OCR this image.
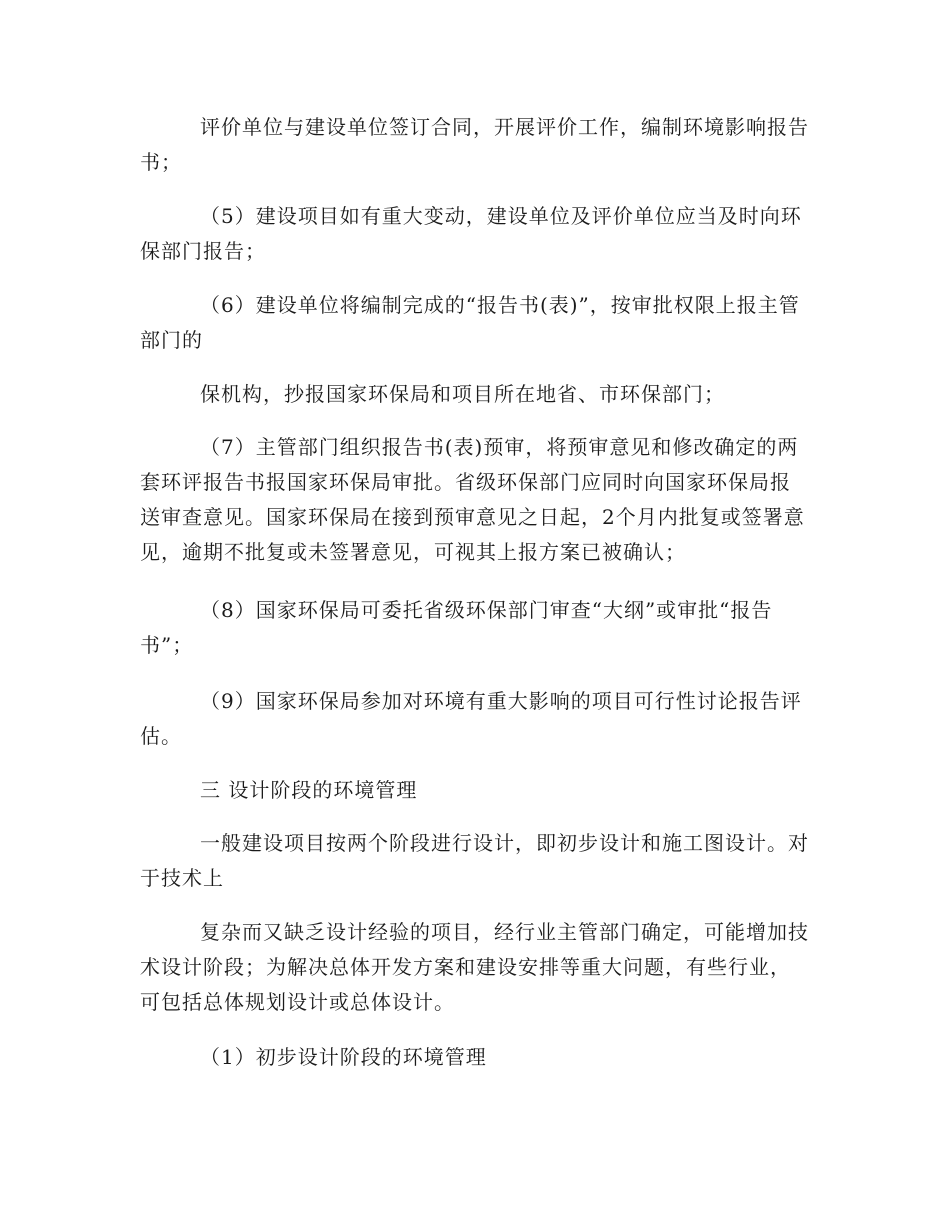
评价单位与建设单位签订合同，开展评价工作，编制环境影响报告书；

（5）建设项目如有重大变动，建设单位及评价单位应当及时向环保部门报告；

（6）建设单位将编制完成的“报告书(表)”，按审批权限上报主管部门的

保机构，抄报国家环保局和项目所在地省、市环保部门；

（7）主管部门组织报告书(表)预审，将预审意见和修改确定的两套环评报告书报国家环保局审批。省级环保部门应同时向国家环保局报送审查意见。国家环保局在接到预审意见之日起，2个月内批复或签署意见，逾期不批复或未签署意见，可视其上报方案已被确认；

（8）国家环保局可委托省级环保部门审查“大纲”或审批“报告书”；

（9）国家环保局参加对环境有重大影响的项目可行性讨论报告评估。

三 设计阶段的环境管理

一般建设项目按两个阶段进行设计，即初步设计和施工图设计。对于技术上

复杂而又缺乏设计经验的项目，经行业主管部门确定，可能增加技术设计阶段；为解决总体开发方案和建设安排等重大问题，有些行业，可包括总体规划设计或总体设计。

（1）初步设计阶段的环境管理
